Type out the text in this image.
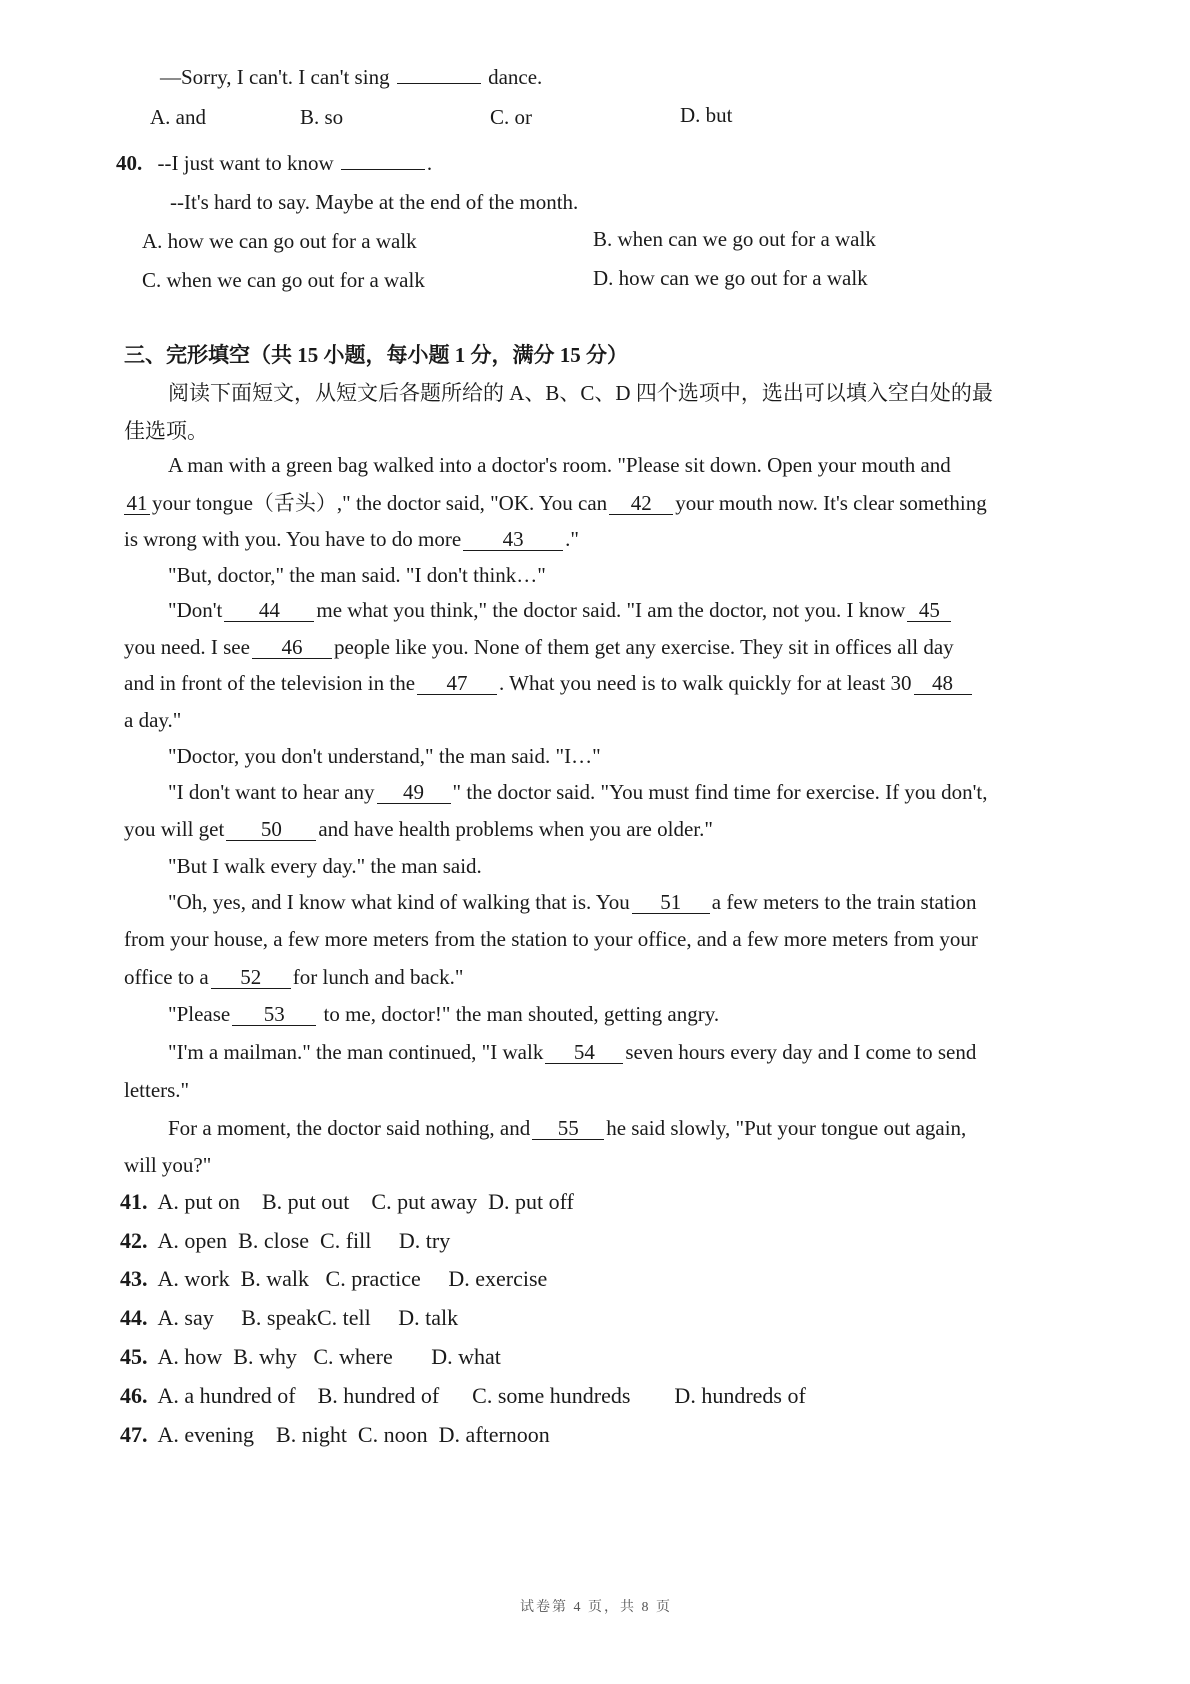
—Sorry, I can't. I can't sing	dance.
A. and	B. so	C. or	D. but
40. --I just want to know	.
--It's hard to say. Maybe at the end of the month.
A. how we can go out for a walk	B. when can we go out for a walk
C. when we can go out for a walk	D. how can we go out for a walk
三、完形填空（共 15 小题，每小题 1 分，满分 15 分）
阅读下面短文，从短文后各题所给的 A、B、C、D 四个选项中，选出可以填入空白处的最
佳选项。
A man with a green bag walked into a doctor's room. "Please sit down. Open your mouth and
41 your tongue（舌头）," the doctor said, "OK. You can 42 your mouth now. It's clear something
is wrong with you. You have to do more 43 ."
"But, doctor," the man said. "I don't think…"
"Don't 44 me what you think," the doctor said. "I am the doctor, not you. I know 45
you need. I see 46 people like you. None of them get any exercise. They sit in offices all day
and in front of the television in the 47 . What you need is to walk quickly for at least 30 48
a day."
"Doctor, you don't understand," the man said. "I…"
"I don't want to hear any 49 " the doctor said. "You must find time for exercise. If you don't,
you will get 50 and have health problems when you are older."
"But I walk every day." the man said.
"Oh, yes, and I know what kind of walking that is. You 51 a few meters to the train station
from your house, a few more meters from the station to your office, and a few more meters from your
office to a 52 for lunch and back."
"Please 53 to me, doctor!" the man shouted, getting angry.
"I'm a mailman." the man continued, "I walk 54 seven hours every day and I come to send
letters."
For a moment, the doctor said nothing, and 55 he said slowly, "Put your tongue out again,
will you?"
41. A. put on    B. put out    C. put away  D. put off
42. A. open  B. close  C. fill     D. try
43. A. work  B. walk   C. practice     D. exercise
44. A. say     B. speakC. tell     D. talk
45. A. how  B. why   C. where       D. what
46. A. a hundred of    B. hundred of      C. some hundreds        D. hundreds of
47. A. evening    B. night  C. noon  D. afternoon
试卷第 4 页，共 8 页
